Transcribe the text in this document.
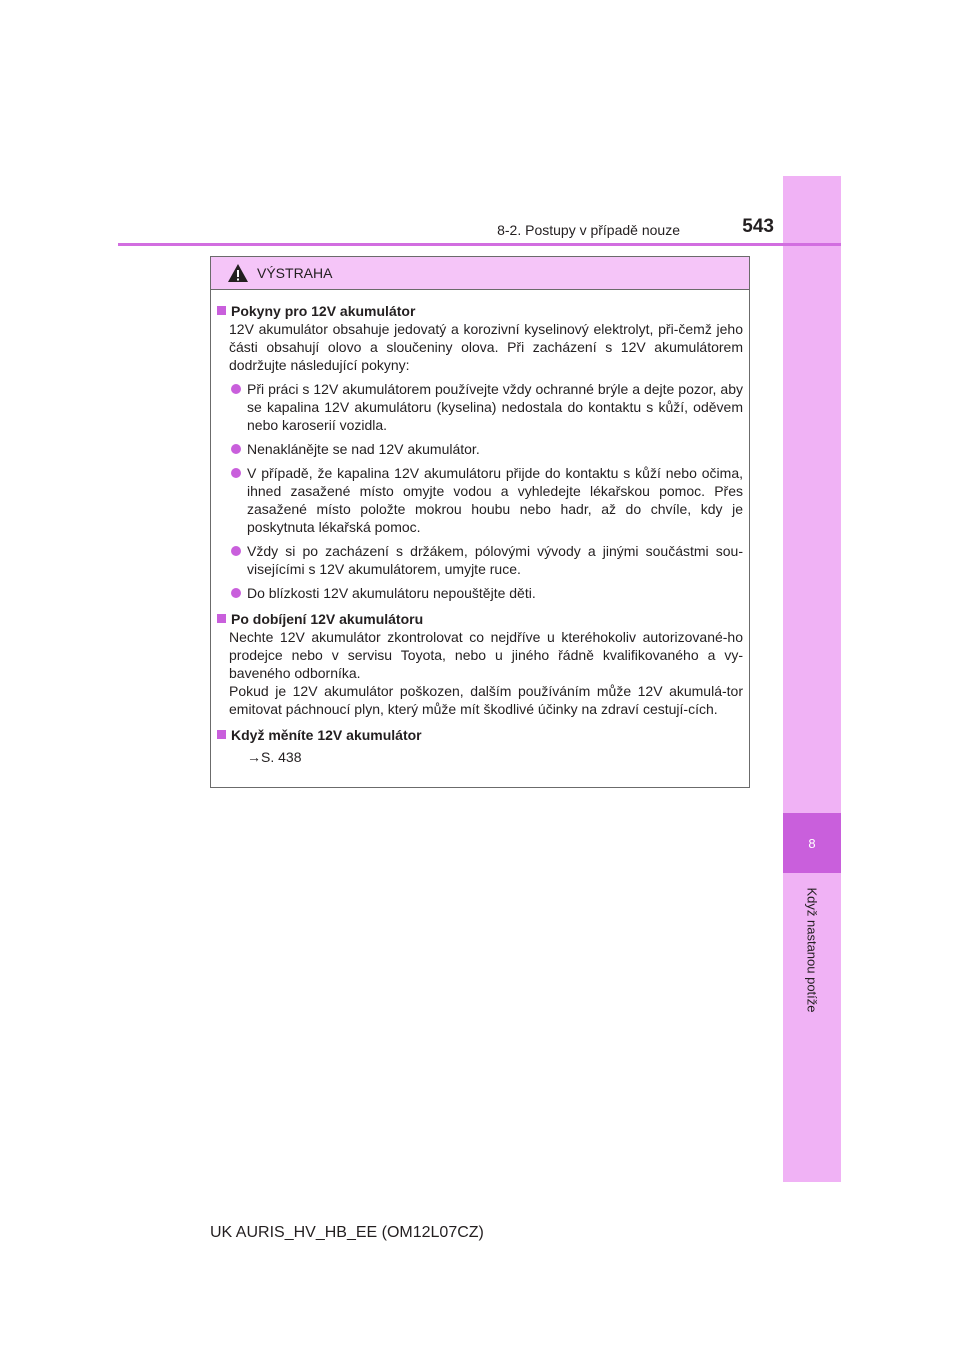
8
Když nastanou potíže
8-2. Postupy v případě nouze	543
VÝSTRAHA
Pokyny pro 12V akumulátor
12V akumulátor obsahuje jedovatý a korozivní kyselinový elektrolyt, při-čemž jeho části obsahují olovo a sloučeniny olova. Při zacházení s 12V akumulátorem dodržujte následující pokyny:
Při práci s 12V akumulátorem používejte vždy ochranné brýle a dejte pozor, aby se kapalina 12V akumulátoru (kyselina) nedostala do kontaktu s kůží, oděvem nebo karoserií vozidla.
Nenaklánějte se nad 12V akumulátor.
V případě, že kapalina 12V akumulátoru přijde do kontaktu s kůží nebo očima, ihned zasažené místo omyjte vodou a vyhledejte lékařskou pomoc. Přes zasažené místo položte mokrou houbu nebo hadr, až do chvíle, kdy je poskytnuta lékařská pomoc.
Vždy si po zacházení s držákem, pólovými vývody a jinými součástmi sou-visejícími s 12V akumulátorem, umyjte ruce.
Do blízkosti 12V akumulátoru nepouštějte děti.
Po dobíjení 12V akumulátoru
Nechte 12V akumulátor zkontrolovat co nejdříve u kteréhokoliv autorizované-ho prodejce nebo v servisu Toyota, nebo u jiného řádně kvalifikovaného a vy-baveného odborníka.
Pokud je 12V akumulátor poškozen, dalším používáním může 12V akumulá-tor emitovat páchnoucí plyn, který může mít škodlivé účinky na zdraví cestují-cích.
Když měníte 12V akumulátor
→S. 438
UK AURIS_HV_HB_EE (OM12L07CZ)
